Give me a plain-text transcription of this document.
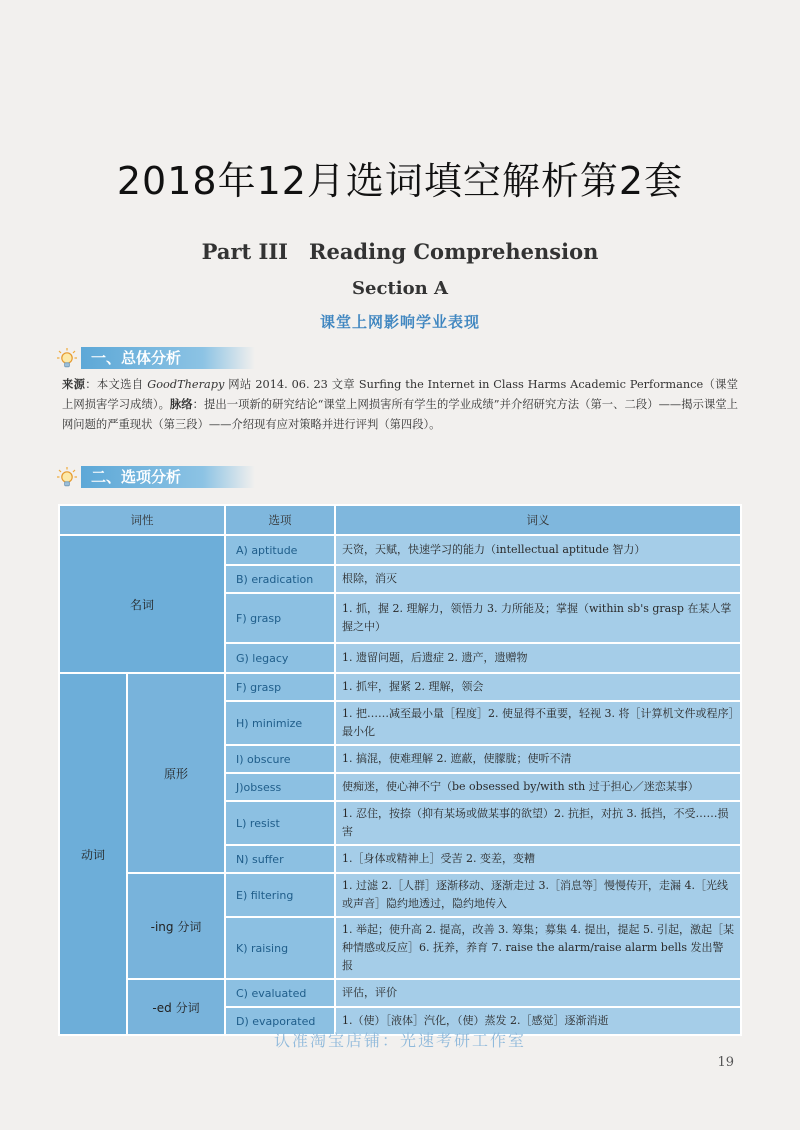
2018年12月选词填空解析第2套
Part III　Reading Comprehension
Section A
课堂上网影响学业表现
一、总体分析
来源：本文选自 GoodTherapy 网站 2014. 06. 23 文章 Surfing the Internet in Class Harms Academic Performance（课堂上网损害学习成绩）。脉络：提出一项新的研究结论“课堂上网损害所有学生的学业成绩”并介绍研究方法（第一、二段）——揭示课堂上网问题的严重现状（第三段）——介绍现有应对策略并进行评判（第四段）。
二、选项分析
词性		选项	词义
名词		A) aptitude	天资，天赋，快速学习的能力（intellectual aptitude 智力）
		B) eradication	根除，消灭
		F) grasp	1. 抓，握 2. 理解力，领悟力 3. 力所能及；掌握（within sb's grasp 在某人掌握之中）
		G) legacy	1. 遗留问题，后遗症 2. 遗产，遗赠物
动词	原形	F) grasp	1. 抓牢，握紧 2. 理解，领会
		H) minimize	1. 把……减至最小量［程度］2. 使显得不重要，轻视 3. 将［计算机文件或程序］最小化
		I) obscure	1. 搞混，使难理解 2. 遮蔽，使朦胧；使听不清
		J)obsess	使痴迷，使心神不宁（be obsessed by/with sth 过于担心／迷恋某事）
		L) resist	1. 忍住，按捺（抑有某场或做某事的欲望）2. 抗拒，对抗 3. 抵挡，不受……损害
		N) suffer	1.［身体或精神上］受苦 2. 变差，变糟
	-ing 分词	E) filtering	1. 过滤 2.［人群］逐渐移动、逐渐走过 3.［消息等］慢慢传开，走漏 4.［光线或声音］隐约地透过，隐约地传入
		K) raising	1. 举起；使升高 2. 提高，改善 3. 筹集；募集 4. 提出，提起 5. 引起，激起［某种情感或反应］6. 抚养，养育 7. raise the alarm/raise alarm bells 发出警报
	-ed 分词	C) evaluated	评估，评价
		D) evaporated	1.（使）［液体］汽化，（使）蒸发 2.［感觉］逐渐消逝
认准淘宝店铺：光速考研工作室
19
